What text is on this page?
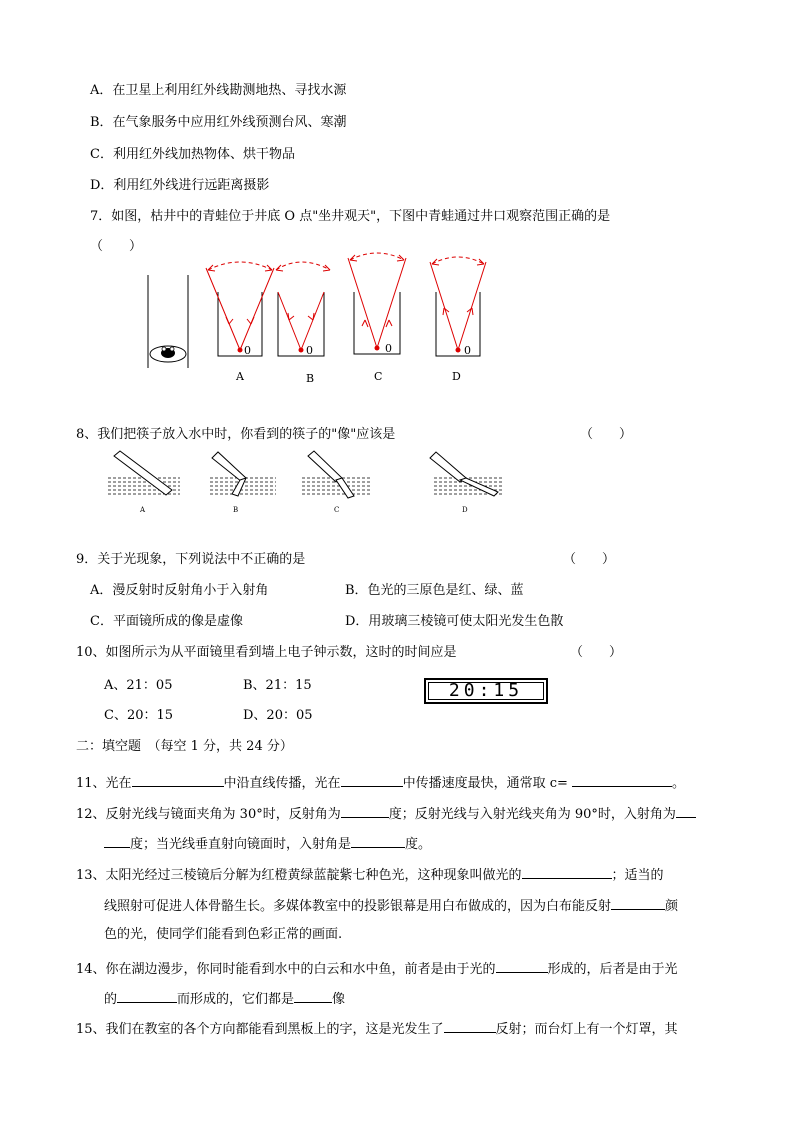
A．在卫星上利用红外线勘测地热、寻找水源
B．在气象服务中应用红外线预测台风、寒潮
C．利用红外线加热物体、烘干物品
D．利用红外线进行远距离摄影
7．如图，枯井中的青蛙位于井底 O 点"坐井观天"，下图中青蛙通过井口观察范围正确的是
（　　）
0	0	0	0
A	B	C	D
8、我们把筷子放入水中时，你看到的筷子的"像"应该是	（　　）
A	B	C	D
9．关于光现象，下列说法中不正确的是	（　　）
A．漫反射时反射角小于入射角	B．色光的三原色是红、绿、蓝
C．平面镜所成的像是虚像	D．用玻璃三棱镜可使太阳光发生色散
10、如图所示为从平面镜里看到墙上电子钟示数，这时的时间应是	（　　）
A、21：05	B、21：15
C、20：15	D、20：05
20:15
二：填空题　（每空 1 分，共 24 分）
11、光在	中沿直线传播，光在	中传播速度最快，通常取 c=	。
12、反射光线与镜面夹角为 30°时，反射角为	度；反射光线与入射光线夹角为 90°时，入射角为
度；当光线垂直射向镜面时，入射角是	度。
13、太阳光经过三棱镜后分解为红橙黄绿蓝靛紫七种色光，这种现象叫做光的	；适当的
线照射可促进人体骨骼生长。多媒体教室中的投影银幕是用白布做成的，因为白布能反射	颜
色的光，使同学们能看到色彩正常的画面.
14、你在湖边漫步，你同时能看到水中的白云和水中鱼，前者是由于光的	形成的，后者是由于光
的	而形成的，它们都是	像
15、我们在教室的各个方向都能看到黑板上的字，这是光发生了	反射；而台灯上有一个灯罩，其
